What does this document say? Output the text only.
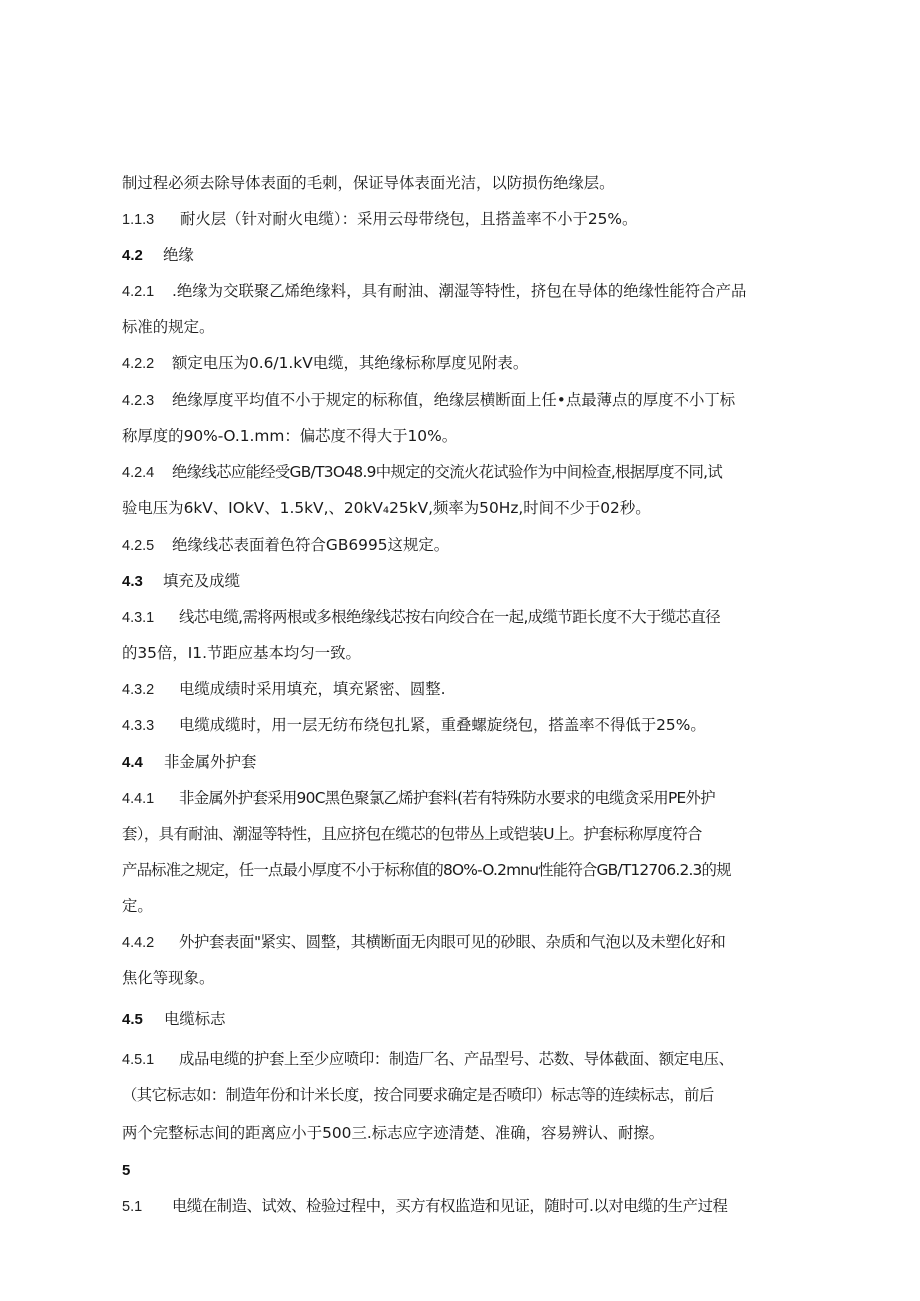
制过程必须去除导体表面的毛刺，保证导体表面光洁，以防损伤绝缘层。
1.1.3 耐火层（针对耐火电缆）：采用云母带绕包，且搭盖率不小于25%。
4.2 绝缘
4.2.1 .绝缘为交联聚乙烯绝缘料，具有耐油、潮湿等特性，挤包在导体的绝缘性能符合产品
标准的规定。
4.2.2 额定电压为0.6/1.kV电缆，其绝缘标称厚度见附表。
4.2.3 绝缘厚度平均值不小于规定的标称值，绝缘层横断面上任•点最薄点的厚度不小丁标
称厚度的90%-O.1.mm：偏芯度不得大于10%。
4.2.4 绝缘线芯应能经受GB/T3O48.9中规定的交流火花试验作为中间检查,根据厚度不同,试
验电压为6kV、IOkV、1.5kV,、20kV₄25kV,频率为50Hz,时间不少于02秒。
4.2.5 绝缘线芯表面着色符合GB6995这规定。
4.3 填充及成缆
4.3.1 线芯电缆,需将两根或多根绝缘线芯按右向绞合在一起,成缆节距长度不大于缆芯直径
的35倍，I1.节距应基本均匀一致。
4.3.2 电缆成绩时采用填充，填充紧密、圆整.
4.3.3 电缆成缆时，用一层无纺布绕包扎紧，重叠螺旋绕包，搭盖率不得低于25%。
4.4 非金属外护套
4.4.1 非金属外护套采用90C黑色聚氯乙烯护套料(若有特殊防水要求的电缆贪采用PE外护
套），具有耐油、潮湿等特性，且应挤包在缆芯的包带丛上或铠装U上。护套标称厚度符合
产品标准之规定，任一点最小厚度不小于标称值的8O%-O.2mnu性能符合GB/T12706.2.3的规
定。
4.4.2 外护套表面"紧实、圆整，其横断面无肉眼可见的砂眼、杂质和气泡以及未塑化好和
焦化等现象。
4.5 电缆标志
4.5.1 成品电缆的护套上至少应喷印：制造厂名、产品型号、芯数、导体截面、额定电压、
（其它标志如：制造年份和计米长度，按合同要求确定是否喷印）标志等的连续标志，前后
两个完整标志间的距离应小于500三.标志应字迹清楚、准确，容易辨认、耐擦。
5
5.1 电缆在制造、试效、检验过程中，买方有权监造和见证，随时可.以对电缆的生产过程
